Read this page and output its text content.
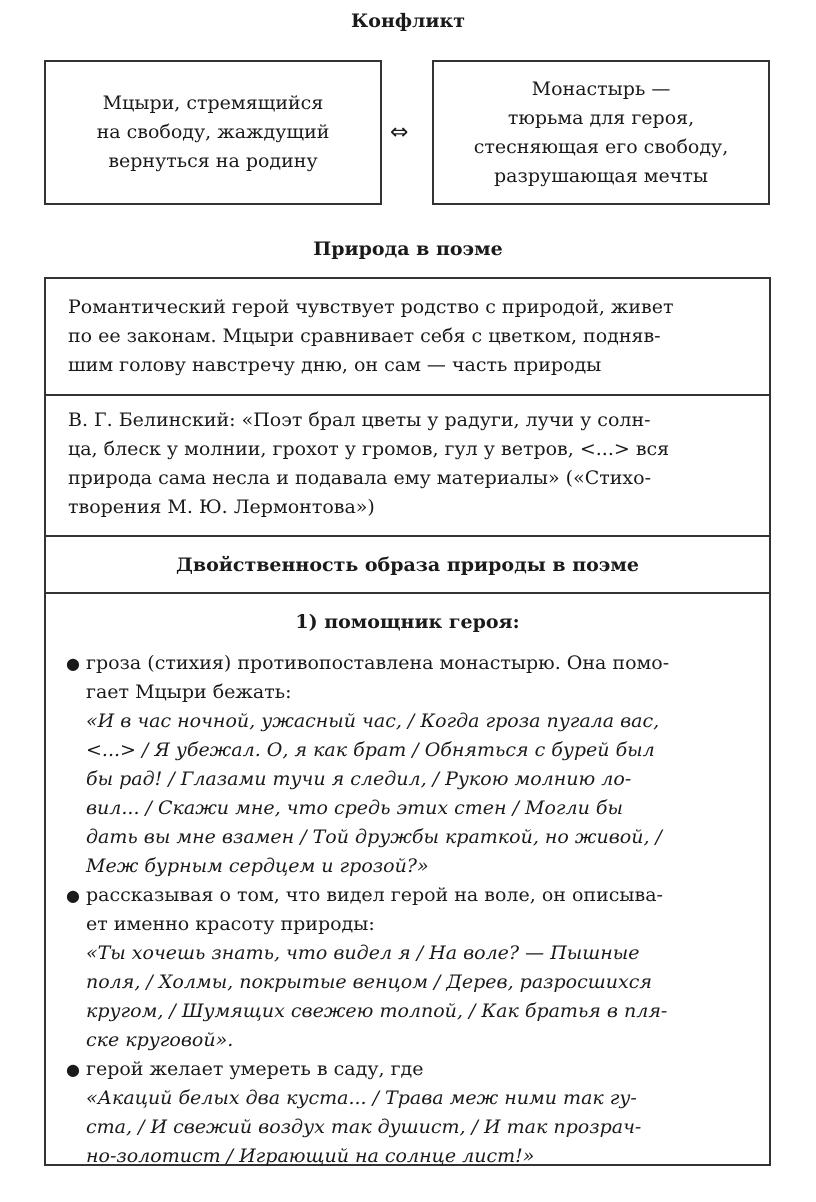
Конфликт
Мцыри, стремящийся
на свободу, жаждущий
вернуться на родину
⇔
Монастырь —
тюрьма для героя,
стесняющая его свободу,
разрушающая мечты
Природа в поэме
Романтический герой чувствует родство с природой, живет
по ее законам. Мцыри сравнивает себя с цветком, подняв-
шим голову навстречу дню, он сам — часть природы
В. Г. Белинский: «Поэт брал цветы у радуги, лучи у солн-
ца, блеск у молнии, грохот у громов, гул у ветров, <...> вся
природа сама несла и подавала ему материалы» («Стихо-
творения М. Ю. Лермонтова»)
Двойственность образа природы в поэме
1) помощник героя:
● гроза (стихия) противопоставлена монастырю. Она помо-
гает Мцыри бежать:
«И в час ночной, ужасный час, / Когда гроза пугала вас,
<...> / Я убежал. О, я как брат / Обняться с бурей был
бы рад! / Глазами тучи я следил, / Рукою молнию ло-
вил... / Скажи мне, что средь этих стен / Могли бы
дать вы мне взамен / Той дружбы краткой, но живой, /
Меж бурным сердцем и грозой?»
● рассказывая о том, что видел герой на воле, он описыва-
ет именно красоту природы:
«Ты хочешь знать, что видел я / На воле? — Пышные
поля, / Холмы, покрытые венцом / Дерев, разросшихся
кругом, / Шумящих свежею толпой, / Как братья в пля-
ске круговой».
● герой желает умереть в саду, где
«Акаций белых два куста... / Трава меж ними так гу-
ста, / И свежий воздух так душист, / И так прозрач-
но-золотист / Играющий на солнце лист!»
